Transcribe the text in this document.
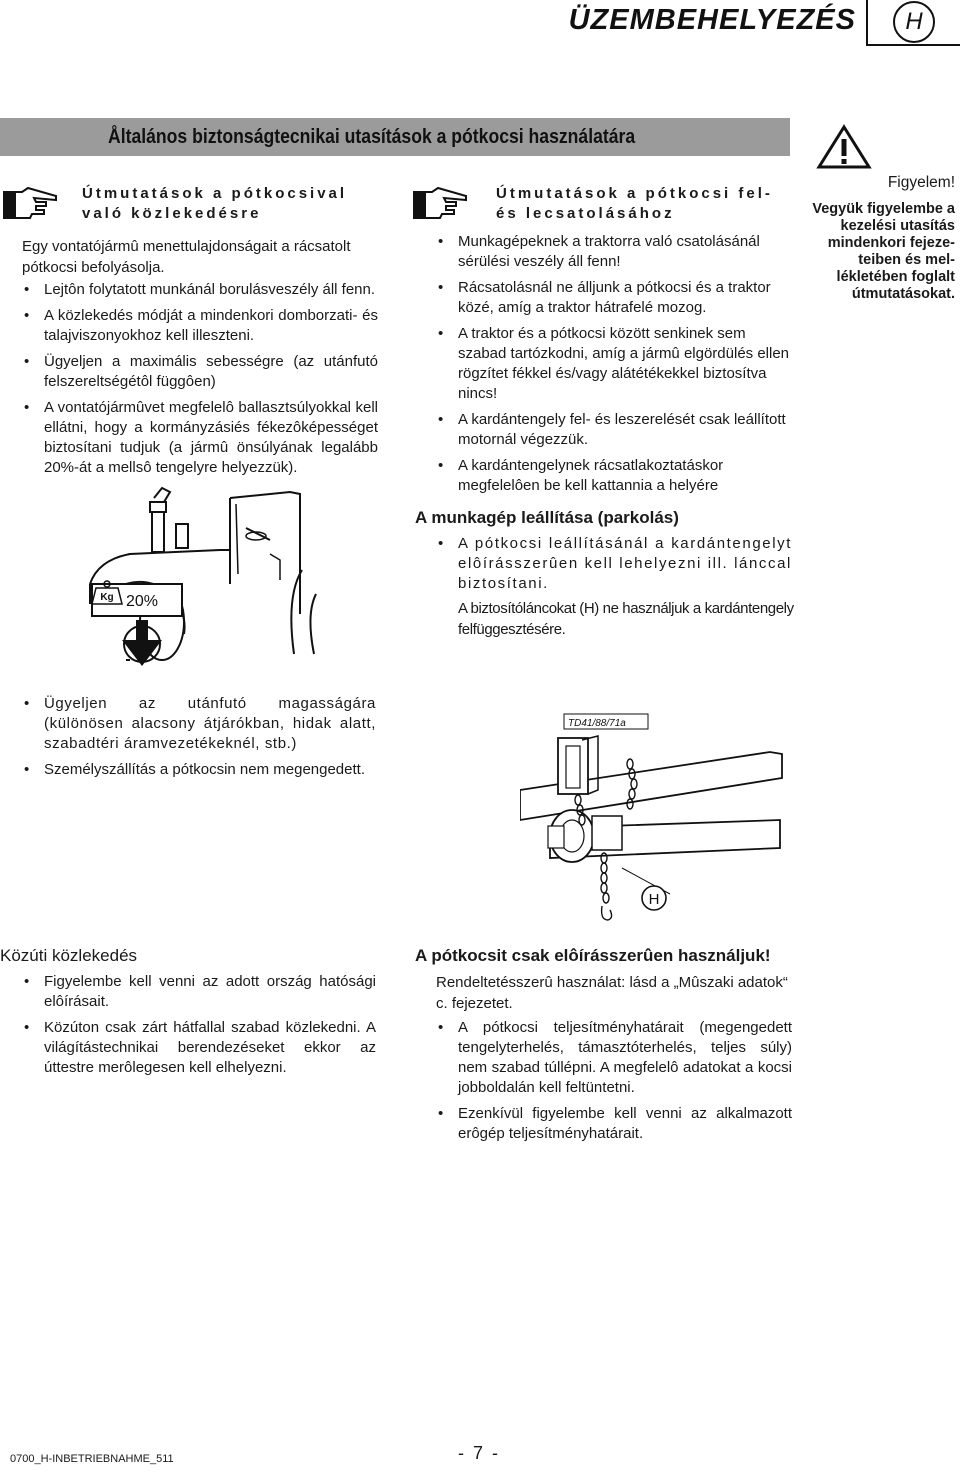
ÜZEMBEHELYEZÉS	H
Åltalános biztonságtecnikai utasítások a pótkocsi használatára
Útmutatások a pótkocsival való közlekedésre
Egy vontatójármû menettulajdonságait a rácsatolt pótkocsi befolyásolja.
• Lejtôn folytatott munkánál borulásveszély áll fenn.
• A közlekedés módját a mindenkori domborzati- és talajviszonyokhoz kell illeszteni.
• Ügyeljen a maximális sebességre (az utánfutó felszereltségétôl függôen)
• A vontatójármûvet megfelelô ballasztsúlyokkal kell ellátni, hogy a kormányzásiés fékezôképességet biztosítani tudjuk (a jármû önsúlyának legalább 20%-át a mellsô tengelyre helyezzük).
Útmutatások a pótkocsi fel- és lecsatolásához
• Munkagépeknek a traktorra való csatolásánál sérülési veszély áll fenn!
• Rácsatolásnál ne álljunk a pótkocsi és a traktor közé, amíg a traktor hátrafelé mozog.
• A traktor és a pótkocsi között senkinek sem szabad tartózkodni, amíg a jármû elgördülés ellen rögzítet fékkel és/vagy alátétékekkel biztosítva nincs!
• A kardántengely fel- és leszerelését csak leállított motornál végezzük.
• A kardántengelynek rácsatlakoztatáskor megfelelôen be kell kattannia a helyére
Figyelem!
Vegyük figyelembe a kezelési utasítás mindenkori fejeze-teiben és mel-lékletében foglalt útmutatásokat.
Kg 20%
A munkagép leállítása (parkolás)
• A pótkocsi leállításánál a kardántengelyt elôírásszerûen kell lehelyezni ill. lánccal biztosítani.
A biztosítóláncokat (H) ne használjuk a kardántengely felfüggesztésére.
• Ügyeljen az utánfutó magasságára (különösen alacsony átjárókban, hidak alatt, szabadtéri áramvezetékeknél, stb.)
• Személyszállítás a pótkocsin nem megengedett.
TD41/88/71a
H
Közúti közlekedés
• Figyelembe kell venni az adott ország hatósági elôírásait.
• Közúton csak zárt hátfallal szabad közlekedni. A világítástechnikai berendezéseket ekkor az úttestre merôlegesen kell elhelyezni.
A pótkocsit csak elôírásszerûen használjuk!
Rendeltetésszerû használat: lásd a „Mûszaki adatok“ c. fejezetet.
• A pótkocsi teljesítményhatárait (megengedett tengelyterhelés, támasztóterhelés, teljes súly) nem szabad túllépni. A megfelelô adatokat a kocsi jobboldalán kell feltüntetni.
• Ezenkívül figyelembe kell venni az alkalmazott erôgép teljesítményhatárait.
0700_H-INBETRIEBNAHME_511	- 7 -
